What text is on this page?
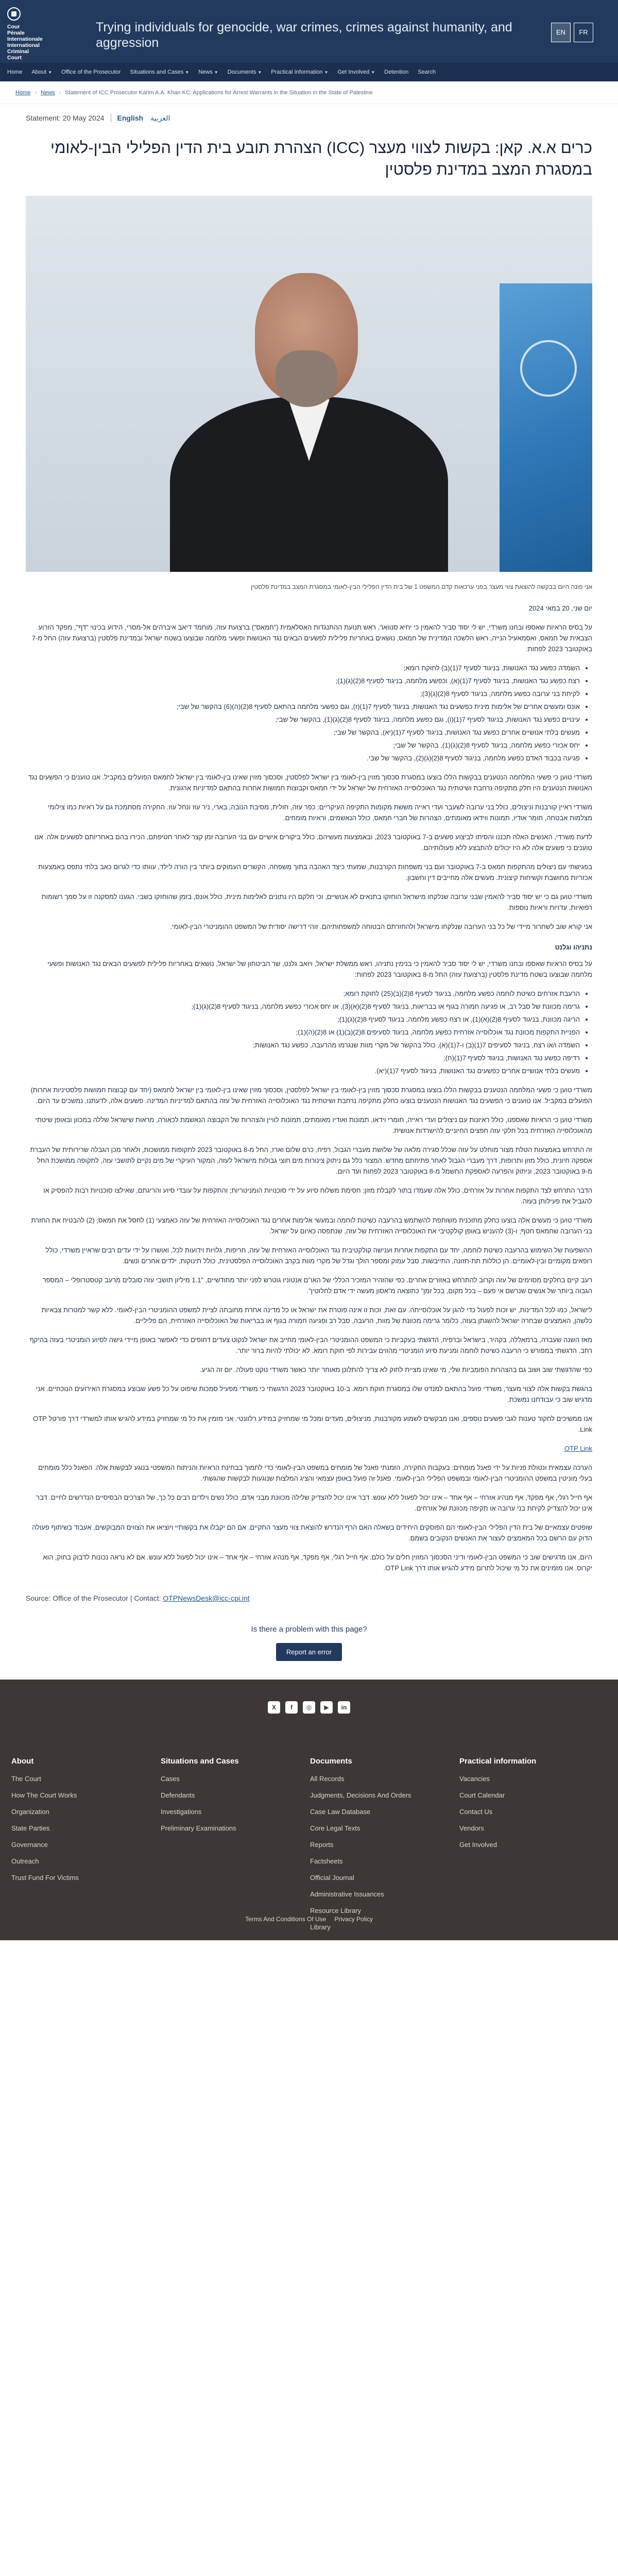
Cour
Pénale
Internationale
International
Criminal
Court
Trying individuals for genocide, war crimes, crimes against humanity, and aggression
EN	FR
Home About ▼ Office of the Prosecutor Situations and Cases ▼ News ▼ Documents ▼ Practical Information ▼ Get Involved ▼ Detention Search
Home › News › Statement of ICC Prosecutor Karim A.A. Khan KC: Applications for Arrest Warrants in the Situation in the State of Palestine
Statement: 20 May 2024 English العربية
כרים א.א. קאן: בקשות לצווי מעצר (ICC) הצהרת תובע בית הדין הפלילי הבין-לאומי במסגרת המצב במדינת פלסטין

אני פונה היום בבקשה להוצאת צווי מעצר בפני ערכאות קדם המשפט 1 של בית הדין הפלילי הבין-לאומי במסגרת המצב במדינת פלסטין

יום שני, 20 במאי 2024

על בסיס הראיות שאספו ובחנו משרדי, יש לי יסוד סביר להאמין כי יחיא סנוואר, ראש תנועת ההתנגדות האסלאמית ("חמאס") ברצועת עזה, מוחמד דיאב איברהים אל-מסרי, הידוע בכינוי "דף", מפקד הזרוע הצבאית של חמאס, ואסמאעיל הנייה, ראש הלשכה המדינית של חמאס, נושאים באחריות פלילית לפשעים הבאים נגד האנושות ופשעי מלחמה שבוצעו בשטח ישראל ובמדינת פלסטין (ברצועת עזה) החל מ-7 באוקטובר 2023 לפחות:

• השמדה כפשע נגד האנושות, בניגוד לסעיף 7(1)(ב) לחוקת רומא;
• רצח כפשע נגד האנושות, בניגוד לסעיף 7(1)(א), וכפשע מלחמה, בניגוד לסעיף 8(2)(ג)(1);
• לקיחת בני ערובה כפשע מלחמה, בניגוד לסעיף 8(2)(ג)(3);
• אונס ומעשים אחרים של אלימות מינית כפשעים נגד האנושות, בניגוד לסעיף 7(1)(ז), וגם כפשעי מלחמה בהתאם לסעיף 8(2)(ה)(6) בהקשר של שבי;
• עינויים כפשע נגד האנושות, בניגוד לסעיף 7(1)(ו), וגם כפשע מלחמה, בניגוד לסעיף 8(2)(ג)(1), בהקשר של שבי;
• מעשים בלתי אנושיים אחרים כפשע נגד האנושות, בניגוד לסעיף 7(1)(יא), בהקשר של שבי;
• יחס אכזרי כפשע מלחמה, בניגוד לסעיף 8(2)(ג)(1), בהקשר של שבי;
• פגיעה בכבוד האדם כפשע מלחמה, בניגוד לסעיף 8(2)(ג)(2), בהקשר של שבי.

משרדי טוען כי פשעי המלחמה הנטענים בבקשות הללו בוצעו במסגרת סכסוך מזוין בין-לאומי בין ישראל לפלסטין, וסכסוך מזוין שאינו בין-לאומי בין ישראל לחמאס הפועלים במקביל. אנו טוענים כי הפשעים נגד האנושות הנטענים היו חלק מתקיפה נרחבת ושיטתית נגד האוכלוסייה האזרחית של ישראל על ידי חמאס וקבוצות חמושות אחרות בהתאם למדיניות ארגונית.

משרדי ראיין קורבנות וניצולים, כולל בני ערובה לשעבר ועדי ראייה מששת מקומות התקיפה העיקריים: כפר עזה, חולית, מסיבת הנובה, בארי, ניר עוז ונחל עוז. החקירה מסתמכת גם על ראיות כמו צילומי מצלמות אבטחה, חומר אודיו, תמונות ווידאו מאומתים, הצהרות של חברי חמאס, כולל הנאשמים, וראיות מומחים.

לדעת משרדי, האנשים האלה תכננו והסיתו לביצוע פשעים ב-7 באוקטובר 2023, ובאמצעות מעשיהם, כולל ביקורים אישיים עם בני הערובה זמן קצר לאחר חטיפתם, הכירו בהם באחריותם לפשעים אלה. אנו טוענים כי פשעים אלה לא היו יכולים להתבצע ללא פעולותיהם.

בפגישתי עם ניצולים מהתקפות חמאס ב-7 באוקטובר ועם בני משפחות הקורבנות, שמעתי כיצד האהבה בתוך משפחה, הקשרים העמוקים ביותר בין הורה לילד, עוותו כדי לגרום כאב בלתי נתפס באמצעות אכזריות מחושבת וקשיחות קיצונית. מעשים אלה מחייבים דין וחשבון.

משרדי טוען גם כי יש יסוד סביר להאמין שבני ערובה שנלקחו מישראל הוחזקו בתנאים לא אנושיים, וכי חלקם היו נתונים לאלימות מינית, כולל אונס, בזמן שהוחזקו בשבי. הגענו למסקנה זו על סמך רשומות רפואיות, עדויות וראיות נוספות.

אני קורא שוב לשחרור מיידי של כל בני הערובה שנלקחו מישראל ולהחזרתם הבטוחה למשפחותיהם. זוהי דרישה יסודית של המשפט ההומניטרי הבין-לאומי.

נתניהו וגלנט

על בסיס הראיות שאספו ובחנו משרדי, יש לי יסוד סביר להאמין כי בנימין נתניהו, ראש ממשלת ישראל, ויואב גלנט, שר הביטחון של ישראל, נושאים באחריות פלילית לפשעים הבאים נגד האנושות ופשעי מלחמה שבוצעו בשטח מדינת פלסטין (ברצועת עזה) החל מ-8 באוקטובר 2023 לפחות:

• הרעבת אזרחים כשיטת לוחמה כפשע מלחמה, בניגוד לסעיף 8(2)(ב)(25) לחוקת רומא;
• גרימה מכוונת של סבל רב, או פגיעה חמורה בגוף או בבריאות, בניגוד לסעיף 8(2)(א)(3), או יחס אכזרי כפשע מלחמה, בניגוד לסעיף 8(2)(ג)(1);
• הריגה מכוונת, בניגוד לסעיף 8(2)(א)(1), או רצח כפשע מלחמה, בניגוד לסעיף 8(2)(ג)(1);
• הפניית התקפות מכוונת נגד אוכלוסייה אזרחית כפשע מלחמה, בניגוד לסעיפים 8(2)(ב)(1) או 8(2)(ה)(1);
• השמדה ו/או רצח, בניגוד לסעיפים 7(1)(ב) ו-7(1)(א), כולל בהקשר של מקרי מוות שנגרמו מהרעבה, כפשע נגד האנושות;
• רדיפה כפשע נגד האנושות, בניגוד לסעיף 7(1)(ח);
• מעשים בלתי אנושיים אחרים כפשעים נגד האנושות, בניגוד לסעיף 7(1)(יא).

משרדי טוען כי פשעי המלחמה הנטענים בבקשות הללו בוצעו במסגרת סכסוך מזוין בין-לאומי בין ישראל לפלסטין, וסכסוך מזוין שאינו בין-לאומי בין ישראל לחמאס (יחד עם קבוצות חמושות פלסטיניות אחרות) הפועלים במקביל. אנו טוענים כי הפשעים נגד האנושות הנטענים בוצעו כחלק מתקיפה נרחבת ושיטתית נגד האוכלוסייה האזרחית של עזה בהתאם למדיניות המדינה. פשעים אלה, לדעתנו, נמשכים עד היום.

משרדי טוען כי הראיות שאספנו, כולל ראיונות עם ניצולים ועדי ראייה, חומרי וידאו, תמונות ואודיו מאומתים, תמונות לוויין והצהרות של הקבוצה הנאשמת לכאורה, מראות שישראל שללה במכוון ובאופן שיטתי מהאוכלוסייה האזרחית בכל חלקי עזה חפצים החיוניים להישרדות אנושית.

זה התרחש באמצעות הטלת מצור מוחלט על עזה שכלל סגירה מלאה של שלושת מעברי הגבול, רפיח, כרם שלום וארז, החל מ-8 באוקטובר 2023 לתקופות ממושכות, ולאחר מכן הגבלה שרירותית של העברת אספקה חיונית, כולל מזון ותרופות, דרך מעברי הגבול לאחר פתיחתם מחדש. המצור כלל גם ניתוק צינורות מים חוצי גבולות מישראל לעזה, המקור העיקרי של מים נקיים לתושבי עזה, לתקופה ממושכת החל מ-9 באוקטובר 2023, וניתוק והפרעה לאספקת החשמל מ-8 באוקטובר 2023 לפחות ועד היום.

הדבר התרחש לצד התקפות אחרות על אזרחים, כולל אלה שעמדו בתור לקבלת מזון; חסימת משלוח סיוע על ידי סוכנויות הומניטריות; והתקפות על עובדי סיוע והריגתם, שאילצו סוכנויות רבות להפסיק או להגביל את פעילותן בעזה.

משרדי טוען כי מעשים אלה בוצעו כחלק מתוכנית משותפת להשתמש בהרעבה כשיטת לוחמה ובמעשי אלימות אחרים נגד האוכלוסייה האזרחית של עזה כאמצעי (1) לחסל את חמאס; (2) להבטיח את החזרת בני הערובה שחמאס חטף; ו-(3) להעניש באופן קולקטיבי את האוכלוסייה האזרחית של עזה, שנתפסה כאיום על ישראל.

ההשפעות של השימוש בהרעבה כשיטת לוחמה, יחד עם התקפות אחרות וענישה קולקטיבית נגד האוכלוסייה האזרחית של עזה, חריפות, גלויות וידועות לכל, ואושרו על ידי עדים רבים שראיין משרדי, כולל רופאים מקומיים ובין-לאומיים. הן כוללות תת-תזונה, התייבשות, סבל עמוק ומספר הולך וגדל של מקרי מוות בקרב האוכלוסייה הפלסטינית, כולל תינוקות, ילדים אחרים ונשים.

רעב קיים בחלקים מסוימים של עזה וקרוב להתרחש באזורים אחרים. כפי שהזהיר המזכיר הכללי של האו"ם אנטוניו גוטרש לפני יותר מחודשיים, "1.1 מיליון תושבי עזה סובלים מרעב קטסטרופלי – המספר הגבוה ביותר של אנשים שנרשם אי פעם – בכל מקום, בכל זמן" כתוצאה מ"אסון מעשה ידי אדם לחלוטין".

לישראל, כמו לכל המדינות, יש זכות לפעול כדי להגן על אוכלוסייתה. עם זאת, זכות זו אינה פוטרת את ישראל או כל מדינה אחרת מחובתה לציית למשפט ההומניטרי הבין-לאומי. ללא קשר למטרות צבאיות כלשהן, האמצעים שבחרה ישראל להשגתן בעזה, כלומר גרימה מכוונת של מוות, הרעבה, סבל רב ופגיעה חמורה בגוף או בבריאות של האוכלוסייה האזרחית, הם פליליים.

מאז השנה שעברה, ברמאללה, בקהיר, בישראל וברפיח, הדגשתי בעקביות כי המשפט ההומניטרי הבין-לאומי מחייב את ישראל לנקוט צעדים דחופים כדי לאפשר באופן מיידי גישה לסיוע הומניטרי בעזה בהיקף רחב. הדגשתי במפורש כי הרעבה כשיטת לוחמה ומניעת סיוע הומניטרי מהווים עבירות לפי חוקת רומא. לא יכולתי להיות ברור יותר.

כפי שהדגשתי שוב ושוב גם בהצהרות הפומביות שלי, מי שאינו מציית לחוק לא צריך להתלונן מאוחר יותר כאשר משרדי נוקט פעולה. יום זה הגיע.

בהגשת בקשות אלה לצווי מעצר, משרדי פועל בהתאם למנדט שלו במסגרת חוקת רומא. ב-10 באוקטובר 2023 הדגשתי כי משרדי מפעיל סמכות שיפוט על כל פשע שבוצע במסגרת האירועים הנוכחיים. אני מדגיש שוב כי עבודתנו נמשכת.

אנו ממשיכים לחקור טענות לגבי פשעים נוספים, ואנו מבקשים לשמוע מקורבנות, מניצולים, מעדים ומכל מי שמחזיק במידע רלוונטי. אני מזמין את כל מי שמחזיק במידע להגיש אותו למשרדי דרך פורטל OTP Link.

OTP Link

הערכה עצמאית ונטולת פניות על ידי פאנל מומחים: בעקבות החקירה, הזמנתי פאנל של מומחים במשפט הבין-לאומי כדי לתמוך בבחינת הראיות והניתוח המשפטי בנוגע לבקשות אלה. הפאנל כלל מומחים בעלי מוניטין במשפט ההומניטרי הבין-לאומי ובמשפט הפלילי הבין-לאומי. פאנל זה פועל באופן עצמאי והציג המלצות שנוגעות לבקשות שהגשתי.

אף חייל רגלי, אף מפקד, אף מנהיג אזרחי – אף אחד – אינו יכול לפעול ללא עונש. דבר אינו יכול להצדיק שלילה מכוונת מבני אדם, כולל נשים וילדים רבים כל כך, של הצרכים הבסיסיים הנדרשים לחיים. דבר אינו יכול להצדיק לקיחת בני ערובה או תקיפה מכוונת של אזרחים.

שופטים עצמאיים של בית הדין הפלילי הבין-לאומי הם הפוסקים היחידים בשאלה האם הרף הנדרש להוצאת צווי מעצר התקיים. אם הם יקבלו את בקשותיי ויוציאו את הצווים המבוקשים, אעבוד בשיתוף פעולה הדוק עם הרשם בכל המאמצים לעצור את האנשים הנקובים בשמם.

היום, אנו מדגישים שוב כי המשפט הבין-לאומי ודיני הסכסוך המזוין חלים על כולם. אף חייל רגלי, אף מפקד, אף מנהיג אזרחי – אף אחד – אינו יכול לפעול ללא עונש. אם לא נראה נכונות לדבוק בחוק, הוא יקרוס. אנו מזמינים את כל מי שיכול לתרום מידע להגיש אותו דרך OTP Link.

Source: Office of the Prosecutor | Contact: OTPNewsDesk@icc-cpi.int
Is there a problem with this page?
Report an error
X	f	◎	▶	in
About
The Court
How The Court Works
Organization
State Parties
Governance
Outreach
Trust Fund For Victims
Situations and Cases
Cases
Defendants
Investigations
Preliminary Examinations
Documents
All Records
Judgments, Decisions And Orders
Case Law Database
Core Legal Texts
Reports
Factsheets
Official Journal
Administrative Issuances
Resource Library
Library
Practical information
Vacancies
Court Calendar
Contact Us
Vendors
Get Involved
Terms And Conditions Of Use Privacy Policy
